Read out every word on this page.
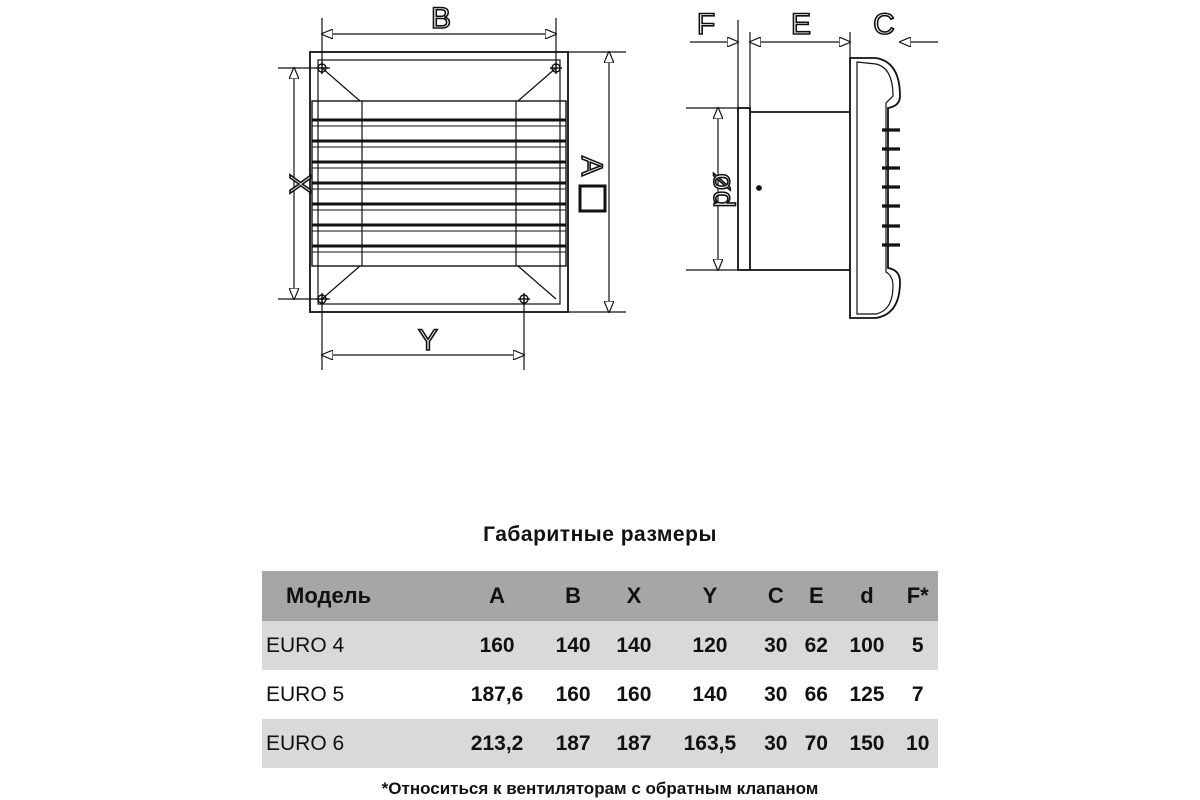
B
Y
X
A
F	E C
ød
Габаритные размеры
Модель	A	B	X	Y	C	E	d	F*
EURO 4	160	140	140	120	30	62	100	5
EURO 5	187,6	160	160	140	30	66	125	7
EURO 6	213,2	187	187	163,5	30	70	150	10
*Относиться к вентиляторам с обратным клапаном
